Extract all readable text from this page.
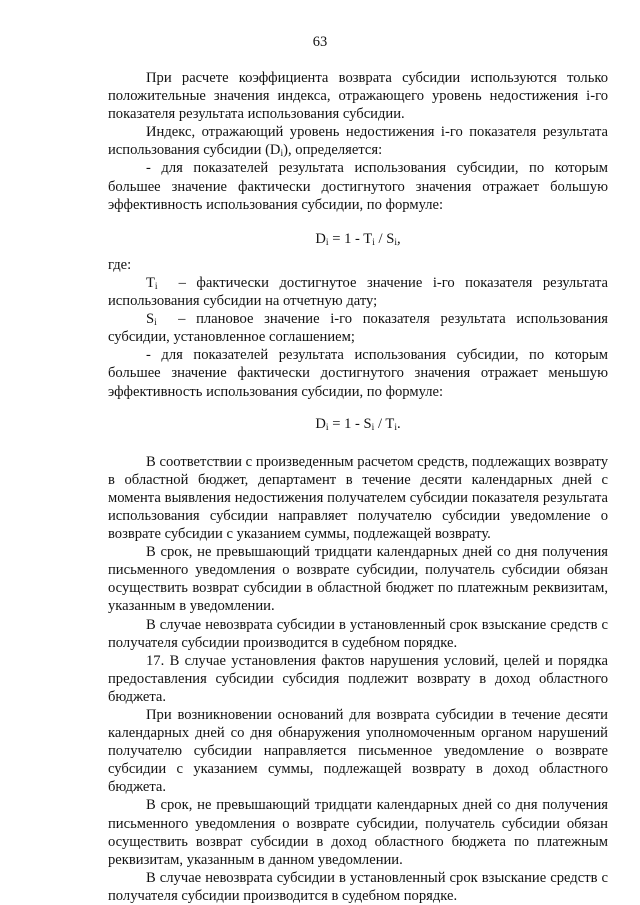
63

При расчете коэффициента возврата субсидии используются только положительные значения индекса, отражающего уровень недостижения i-го показателя результата использования субсидии.

Индекс, отражающий уровень недостижения i-го показателя результата использования субсидии $(D_i)$, определяется:

- для показателей результата использования субсидии, по которым большее значение фактически достигнутого значения отражает большую эффективность использования субсидии, по формуле:

$D_i = 1 - T_i / S_i$,

где:

$T_i$ – фактически достигнутое значение i-го показателя результата использования субсидии на отчетную дату;

$S_i$ – плановое значение i-го показателя результата использования субсидии, установленное соглашением;

- для показателей результата использования субсидии, по которым большее значение фактически достигнутого значения отражает меньшую эффективность использования субсидии, по формуле:

$D_i = 1 - S_i / T_i$.

В соответствии с произведенным расчетом средств, подлежащих возврату в областной бюджет, департамент в течение десяти календарных дней с момента выявления недостижения получателем субсидии показателя результата использования субсидии направляет получателю субсидии уведомление о возврате субсидии с указанием суммы, подлежащей возврату.

В срок, не превышающий тридцати календарных дней со дня получения письменного уведомления о возврате субсидии, получатель субсидии обязан осуществить возврат субсидии в областной бюджет по платежным реквизитам, указанным в уведомлении.

В случае невозврата субсидии в установленный срок взыскание средств с получателя субсидии производится в судебном порядке.

17. В случае установления фактов нарушения условий, целей и порядка предоставления субсидии субсидия подлежит возврату в доход областного бюджета.

При возникновении оснований для возврата субсидии в течение десяти календарных дней со дня обнаружения уполномоченным органом нарушений получателю субсидии направляется письменное уведомление о возврате субсидии с указанием суммы, подлежащей возврату в доход областного бюджета.

В срок, не превышающий тридцати календарных дней со дня получения письменного уведомления о возврате субсидии, получатель субсидии обязан осуществить возврат субсидии в доход областного бюджета по платежным реквизитам, указанным в данном уведомлении.

В случае невозврата субсидии в установленный срок взыскание средств с получателя субсидии производится в судебном порядке.
